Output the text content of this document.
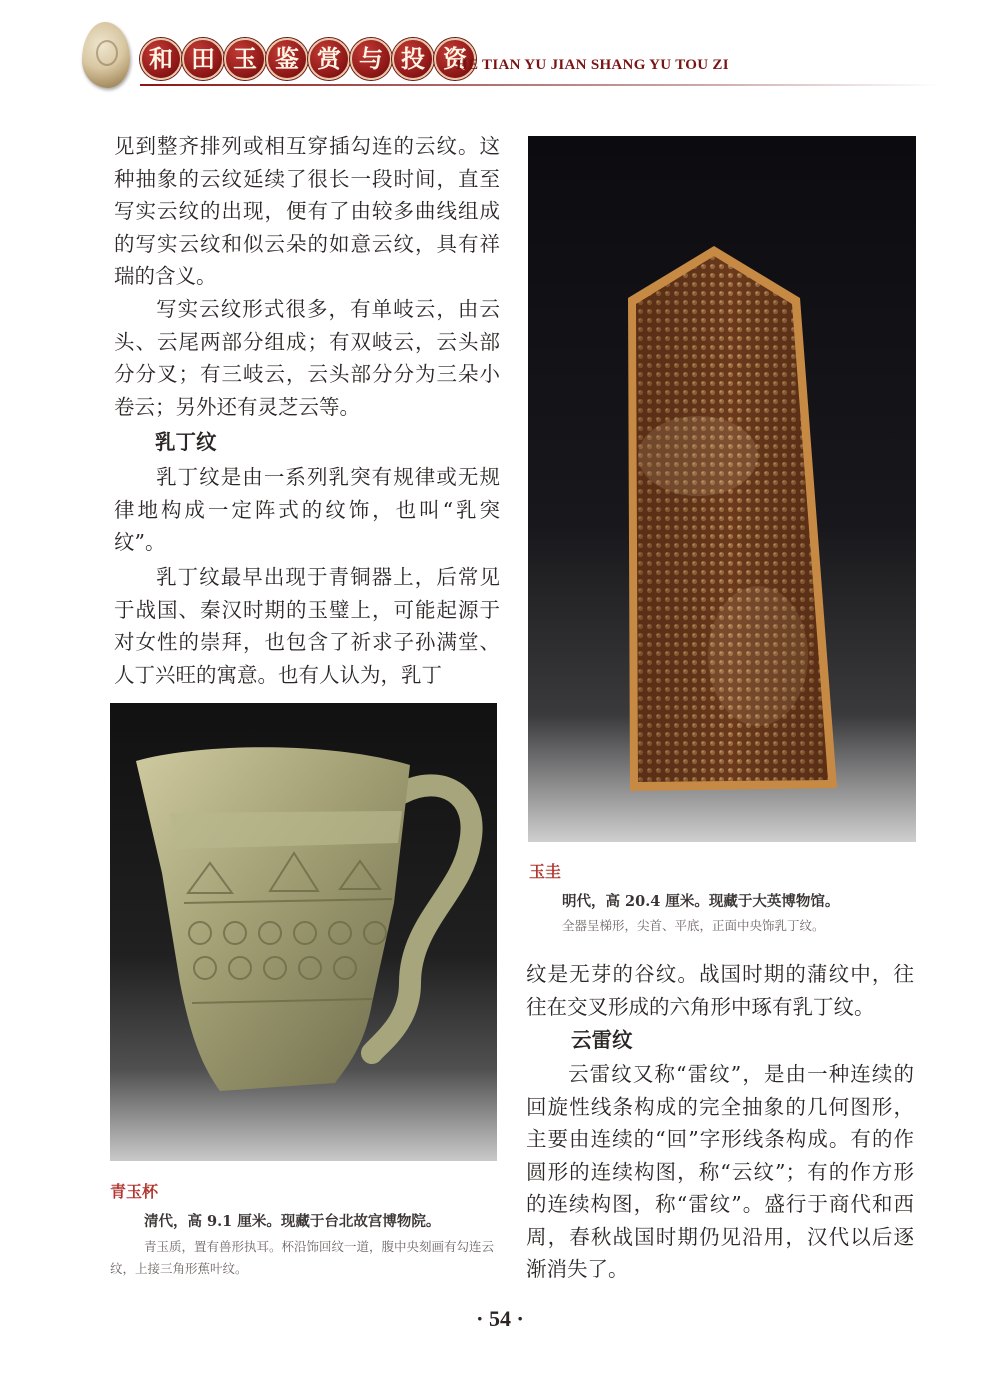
和 田 玉 鉴 赏 与 投 资
HE TIAN YU JIAN SHANG YU TOU ZI

见到整齐排列或相互穿插勾连的云纹。这种抽象的云纹延续了很长一段时间，直至写实云纹的出现，便有了由较多曲线组成的写实云纹和似云朵的如意云纹，具有祥瑞的含义。

写实云纹形式很多，有单岐云，由云头、云尾两部分组成；有双岐云，云头部分分叉；有三岐云，云头部分分为三朵小卷云；另外还有灵芝云等。

乳丁纹

乳丁纹是由一系列乳突有规律或无规律地构成一定阵式的纹饰，也叫“乳突纹”。

乳丁纹最早出现于青铜器上，后常见于战国、秦汉时期的玉璧上，可能起源于对女性的崇拜，也包含了祈求子孙满堂、人丁兴旺的寓意。也有人认为，乳丁

玉圭

明代，高 20.4 厘米。现藏于大英博物馆。

全器呈梯形，尖首、平底，正面中央饰乳丁纹。

青玉杯

清代，高 9.1 厘米。现藏于台北故宫博物院。

青玉质，置有兽形执耳。杯沿饰回纹一道，腹中央刻画有勾连云纹，上接三角形蕉叶纹。

纹是无芽的谷纹。战国时期的蒲纹中，往往在交叉形成的六角形中琢有乳丁纹。

云雷纹

云雷纹又称“雷纹”，是由一种连续的回旋性线条构成的完全抽象的几何图形，主要由连续的“回”字形线条构成。有的作圆形的连续构图，称“云纹”；有的作方形的连续构图，称“雷纹”。盛行于商代和西周，春秋战国时期仍见沿用，汉代以后逐渐消失了。

· 54 ·
